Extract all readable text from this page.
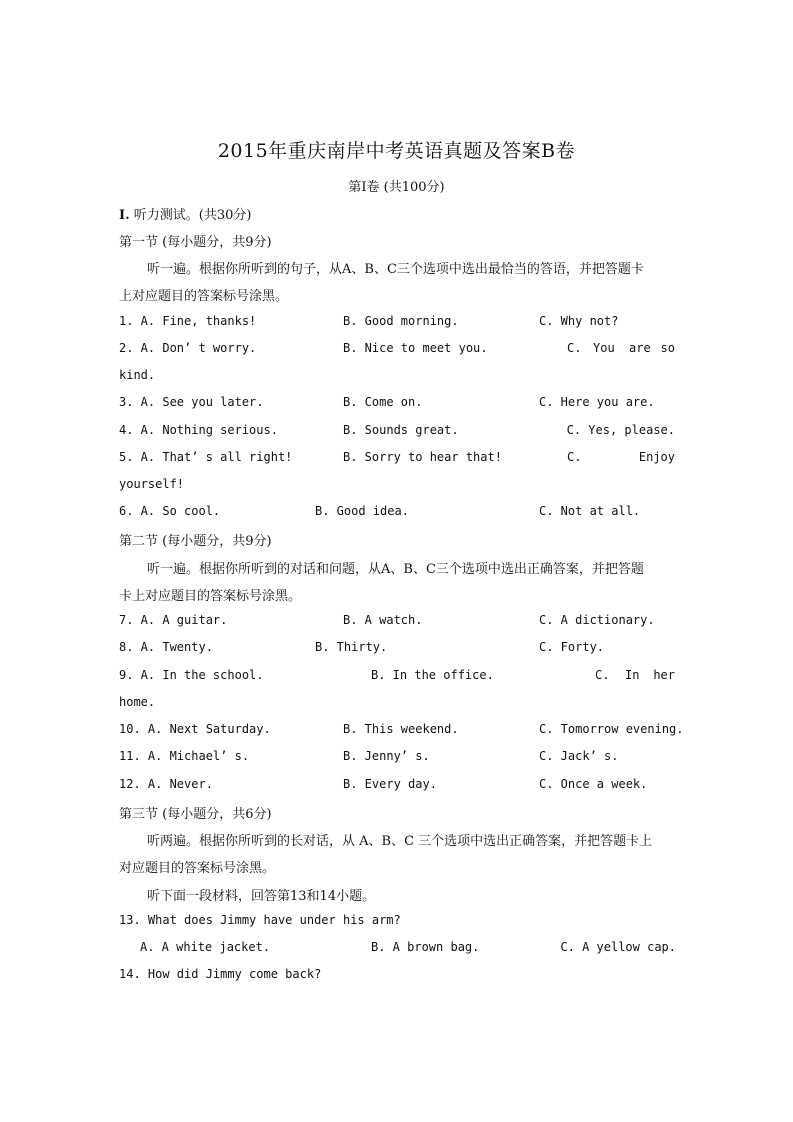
2015年重庆南岸中考英语真题及答案B卷
第Ⅰ卷 (共100分)
I. 听力测试。(共30分)
第一节 (每小题分，共9分)
听一遍。根据你所听到的句子，从A、B、C三个选项中选出最恰当的答语，并把答题卡
上对应题目的答案标号涂黑。
1. A. Fine, thanks!	B. Good morning.	C. Why not?
2. A. Don’ t worry.	B. Nice to meet you.	C. You are so
kind.
3. A. See you later.	B. Come on.	C. Here you are.
4. A. Nothing serious.	B. Sounds great.	C. Yes, please.
5. A. That’ s all right!	B. Sorry to hear that!	C.	Enjoy
yourself!
6. A. So cool.	B. Good idea.	C. Not at all.
第二节 (每小题分，共9分)
听一遍。根据你所听到的对话和问题，从A、B、C三个选项中选出正确答案，并把答题
卡上对应题目的答案标号涂黑。
7. A. A guitar.	B. A watch.	C. A dictionary.
8. A. Twenty.	B. Thirty.	C. Forty.
9. A. In the school.	B. In the office.	C. In her
home.
10. A. Next Saturday.	B. This weekend.	C. Tomorrow evening.
11. A. Michael’ s.	B. Jenny’ s.	C. Jack’ s.
12. A. Never.	B. Every day.	C. Once a week.
第三节 (每小题分，共6分)
听两遍。根据你所听到的长对话，从 A、B、C 三个选项中选出正确答案，并把答题卡上
对应题目的答案标号涂黑。
听下面一段材料，回答第13和14小题。
13. What does Jimmy have under his arm?
A. A white jacket.	B. A brown bag.	C. A yellow cap.
14. How did Jimmy come back?
